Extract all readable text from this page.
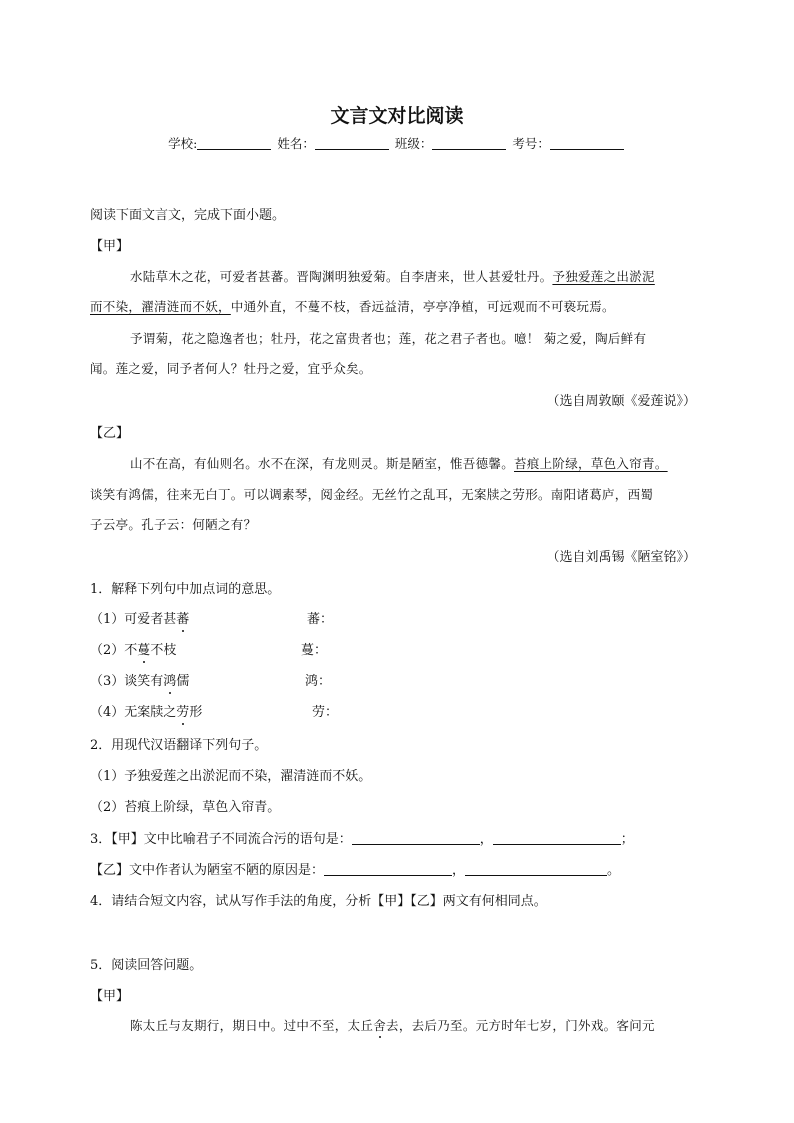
文言文对比阅读
学校:	姓名：	班级：	考号：
阅读下面文言文，完成下面小题。
【甲】
水陆草木之花，可爱者甚蕃。晋陶渊明独爱菊。自李唐来，世人甚爱牡丹。予独爱莲之出淤泥
而不染，濯清涟而不妖，中通外直，不蔓不枝，香远益清，亭亭净植，可远观而不可亵玩焉。
予谓菊，花之隐逸者也；牡丹，花之富贵者也；莲，花之君子者也。噫！ 菊之爱，陶后鲜有
闻。莲之爱，同予者何人？牡丹之爱，宜乎众矣。
（选自周敦颐《爱莲说》）
【乙】
山不在高，有仙则名。水不在深，有龙则灵。斯是陋室，惟吾德馨。苔痕上阶绿，草色入帘青。
谈笑有鸿儒，往来无白丁。可以调素琴，阅金经。无丝竹之乱耳，无案牍之劳形。南阳诸葛庐，西蜀
子云亭。孔子云：何陋之有？
（选自刘禹锡《陋室铭》）
1．解释下列句中加点词的意思。
（1）可爱者甚蕃	蕃：
（2）不蔓不枝	蔓：
（3）谈笑有鸿儒	鸿：
（4）无案牍之劳形	劳：
2．用现代汉语翻译下列句子。
（1）予独爱莲之出淤泥而不染，濯清涟而不妖。
（2）苔痕上阶绿，草色入帘青。
3．【甲】文中比喻君子不同流合污的语句是：	，	；
【乙】文中作者认为陋室不陋的原因是：	，	。
4．请结合短文内容，试从写作手法的角度，分析【甲】【乙】两文有何相同点。
5．阅读回答问题。
【甲】
陈太丘与友期行，期日中。过中不至，太丘舍去，去后乃至。元方时年七岁，门外戏。客问元
